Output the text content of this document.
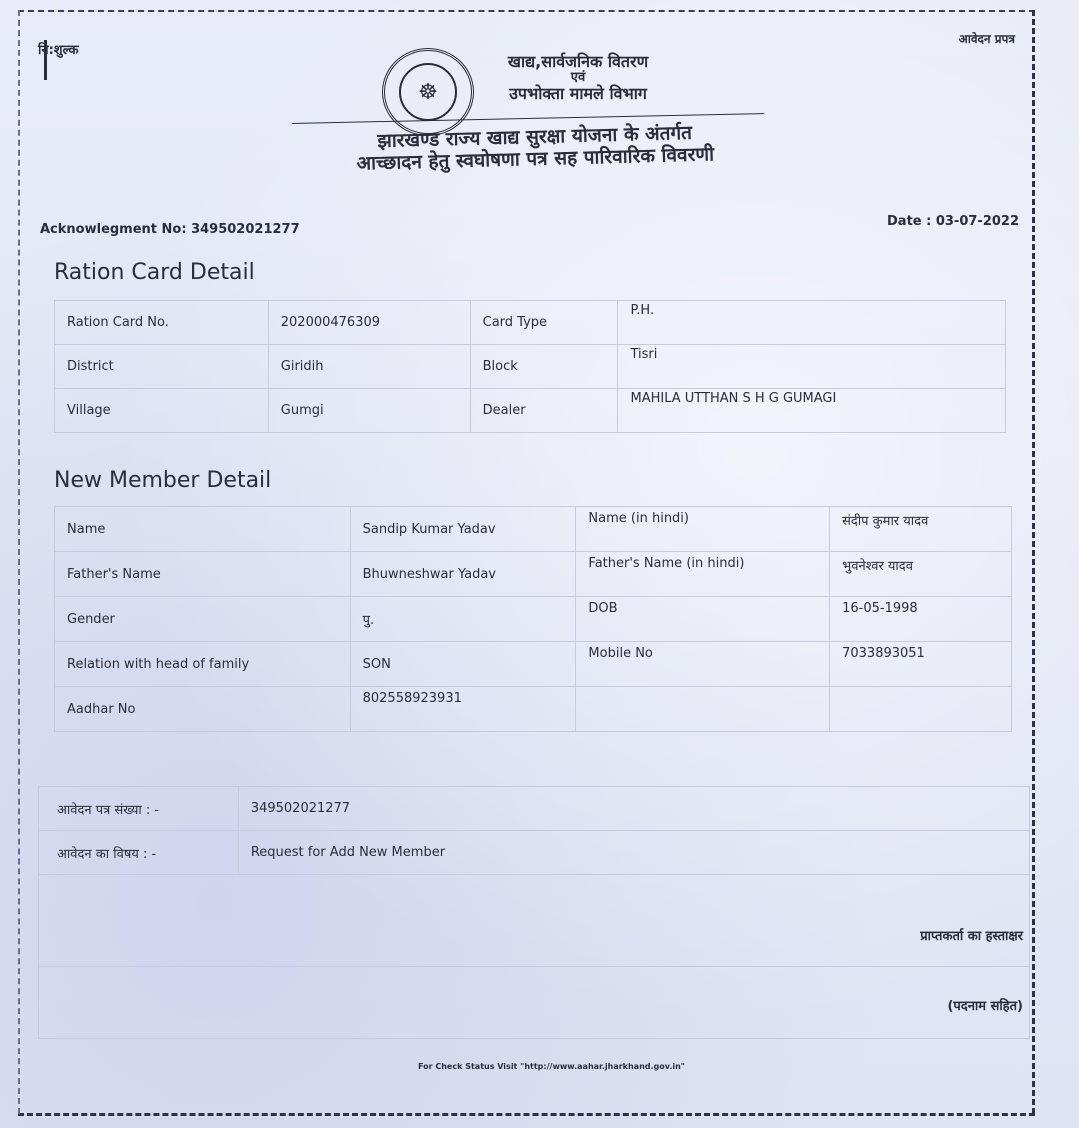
नि:शुल्क
आवेदन प्रपत्र
☸
खाद्य,सार्वजनिक वितरण
एवं
उपभोक्ता मामले विभाग
झारखण्ड राज्य खाद्य सुरक्षा योजना के अंतर्गत
आच्छादन हेतु स्वघोषणा पत्र सह पारिवारिक विवरणी
Acknowlegment No: 349502021277
Date : 03-07-2022
Ration Card Detail
Ration Card No.	202000476309	Card Type	P.H.
District	Giridih	Block	Tisri
Village	Gumgi	Dealer	MAHILA UTTHAN S H G GUMAGI
New Member Detail
Name	Sandip Kumar Yadav	Name (in hindi)	संदीप कुमार यादव
Father's Name	Bhuwneshwar Yadav	Father's Name (in hindi)	भुवनेश्वर यादव
Gender	पु.	DOB	16-05-1998
Relation with head of family	SON	Mobile No	7033893051
Aadhar No	802558923931		
आवेदन पत्र संख्या : -	349502021277
आवेदन का विषय : -	Request for Add New Member

प्राप्तकर्ता का हस्ताक्षर
(पदनाम सहित)
For Check Status Visit "http://www.aahar.jharkhand.gov.in"
